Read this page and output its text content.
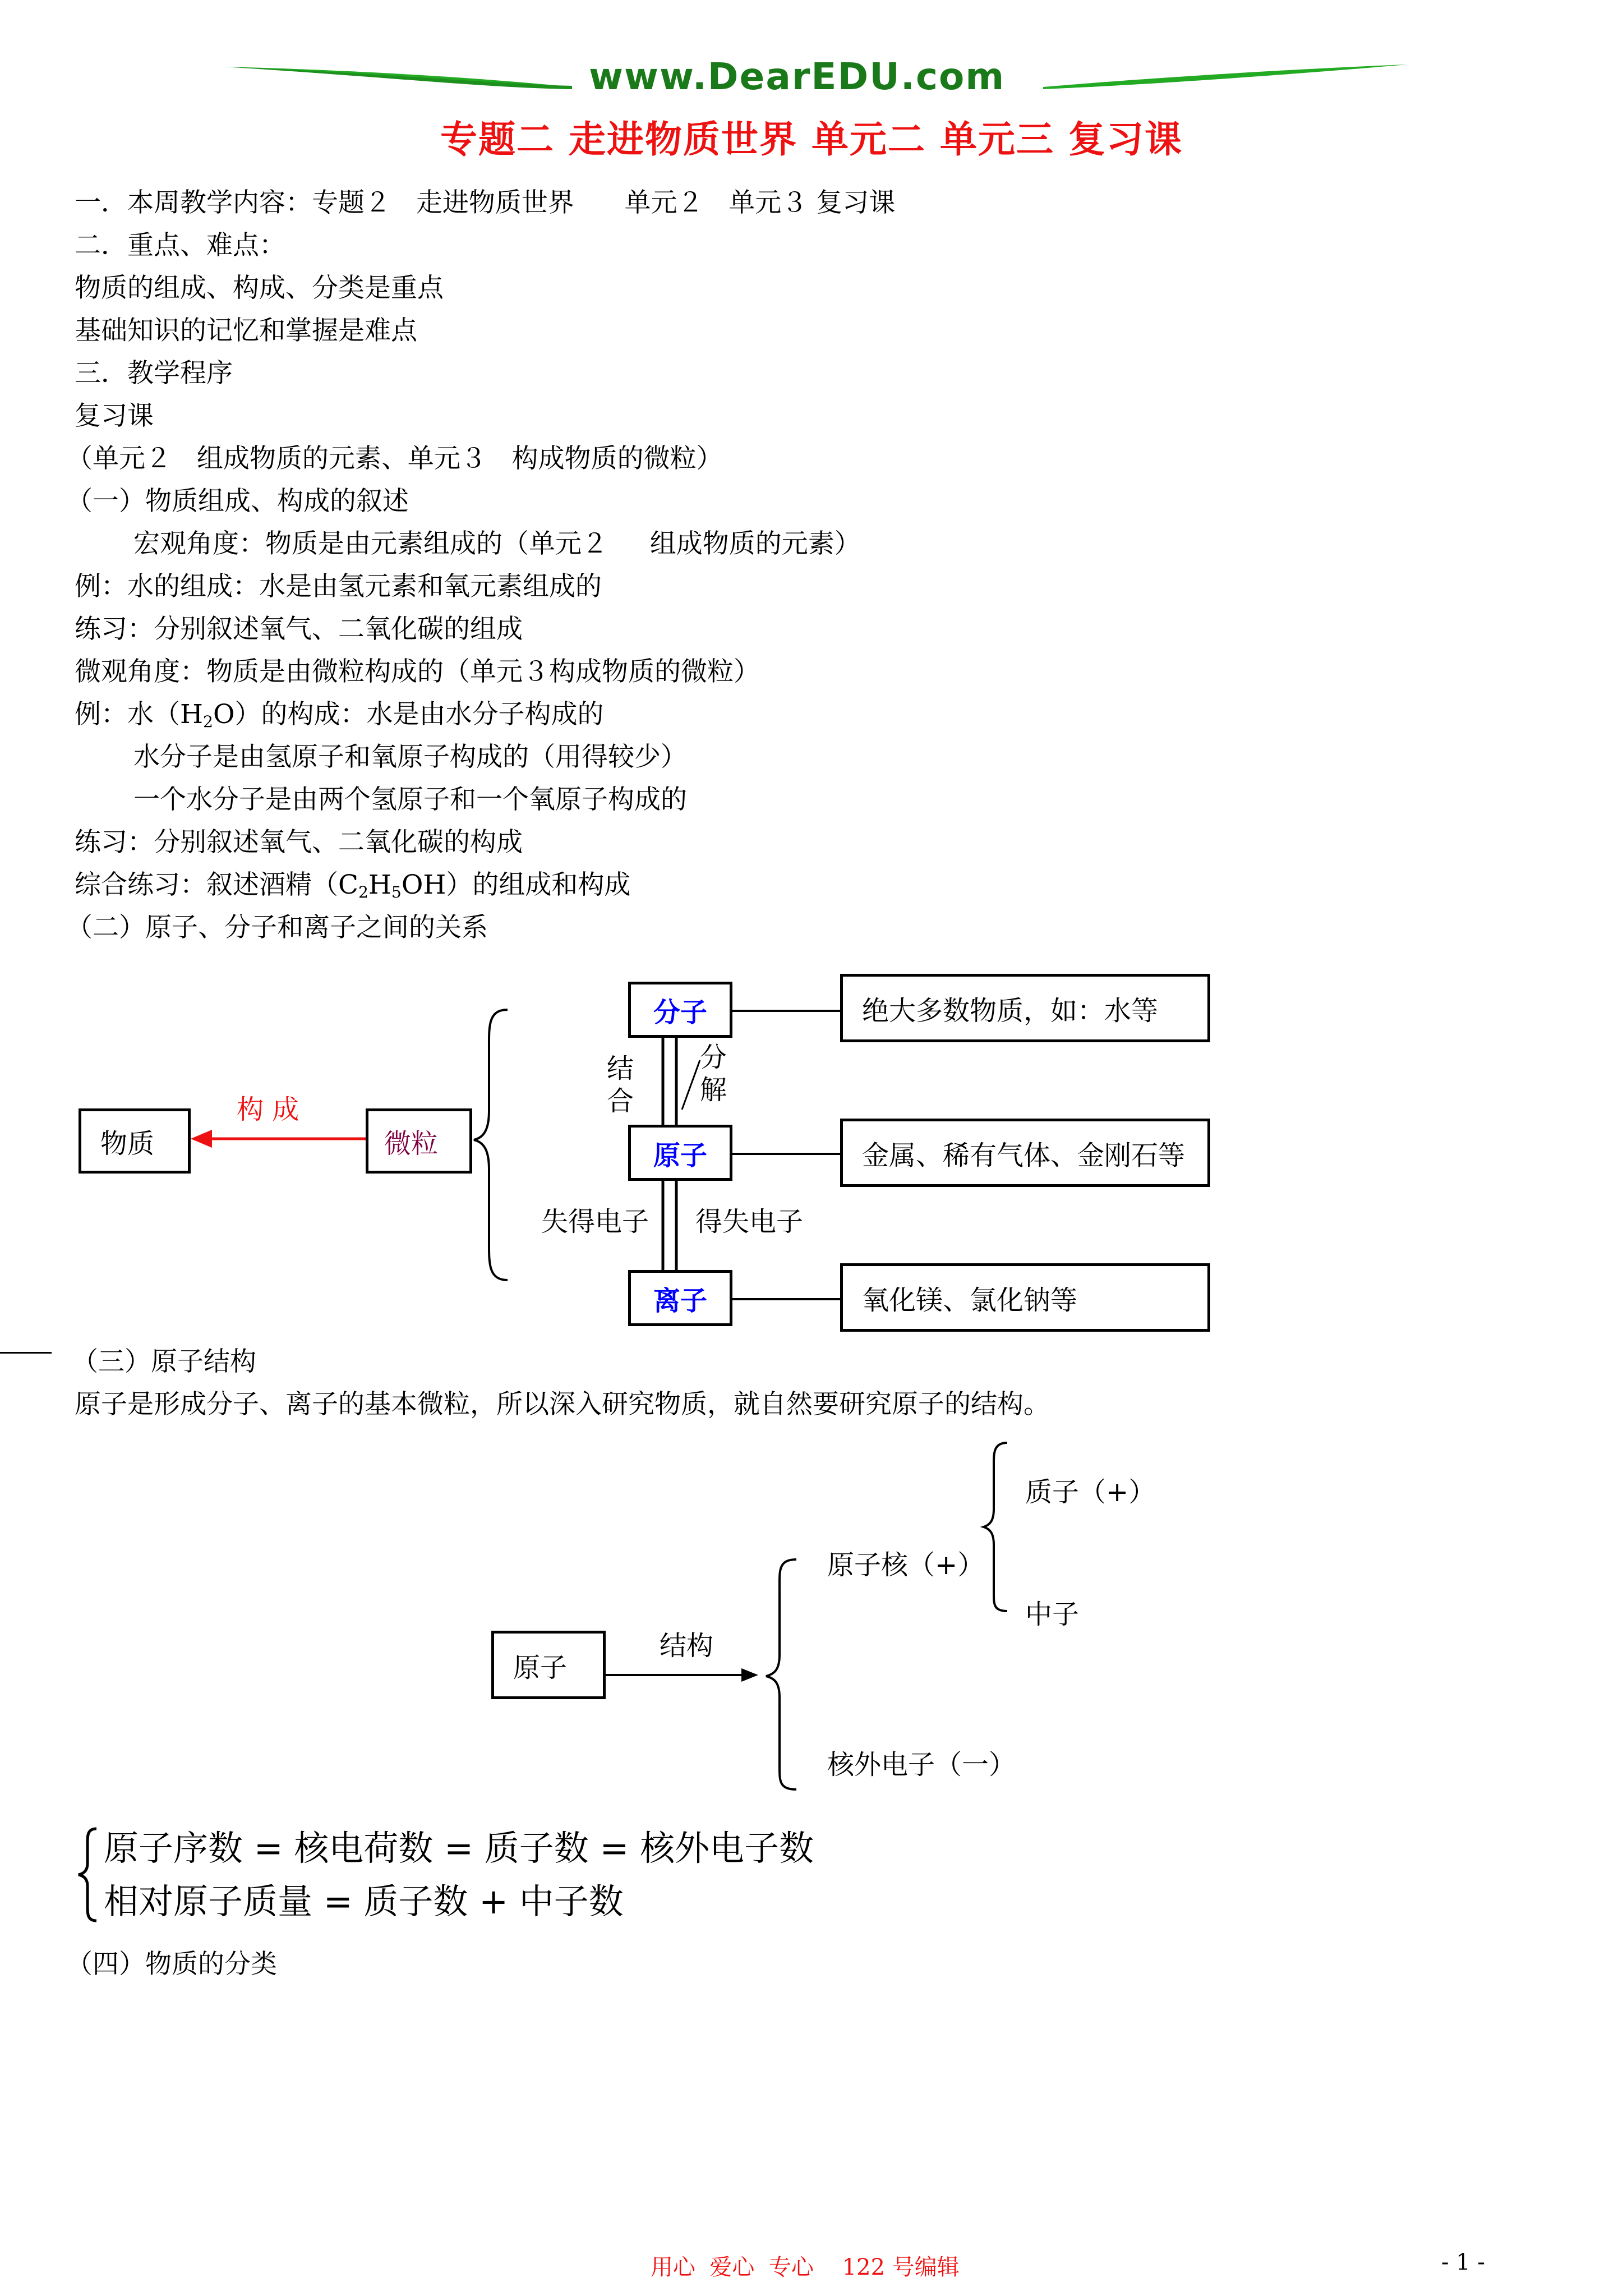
www.DearEDU.com
专题二 走进物质世界 单元二 单元三 复习课
一．本周教学内容：专题２   走进物质世界      单元２   单元３ 复习课
二．重点、难点：
物质的组成、构成、分类是重点
基础知识的记忆和掌握是难点
三．教学程序
复习课
（单元２   组成物质的元素、单元３   构成物质的微粒）
（一）物质组成、构成的叙述
宏观角度：物质是由元素组成的（单元２     组成物质的元素）
例：水的组成：水是由氢元素和氧元素组成的
练习：分别叙述氧气、二氧化碳的组成
微观角度：物质是由微粒构成的（单元３构成物质的微粒）
例：水$(H_2O)$的构成：水是由水分子构成的
水分子是由氢原子和氧原子构成的（用得较少）
一个水分子是由两个氢原子和一个氧原子构成的
练习：分别叙述氧气、二氧化碳的构成
综合练习：叙述酒精$(C_2H_5OH)$的组成和构成
（二）原子、分子和离子之间的关系
物质
构 成
微粒
分子
原子
离子
结
合
分
解
失得电子 得失电子
绝大多数物质，如：水等
金属、稀有气体、金刚石等
氧化镁、氯化钠等
（三）原子结构
原子是形成分子、离子的基本微粒，所以深入研究物质，就自然要研究原子的结构。
原子
结构
原子核（+）
质子（+）
中子
核外电子（一）
原子序数 = 核电荷数 = 质子数 = 核外电子数
相对原子质量 = 质子数 + 中子数
（四）物质的分类
用心  爱心  专心    122 号编辑	- 1 -
